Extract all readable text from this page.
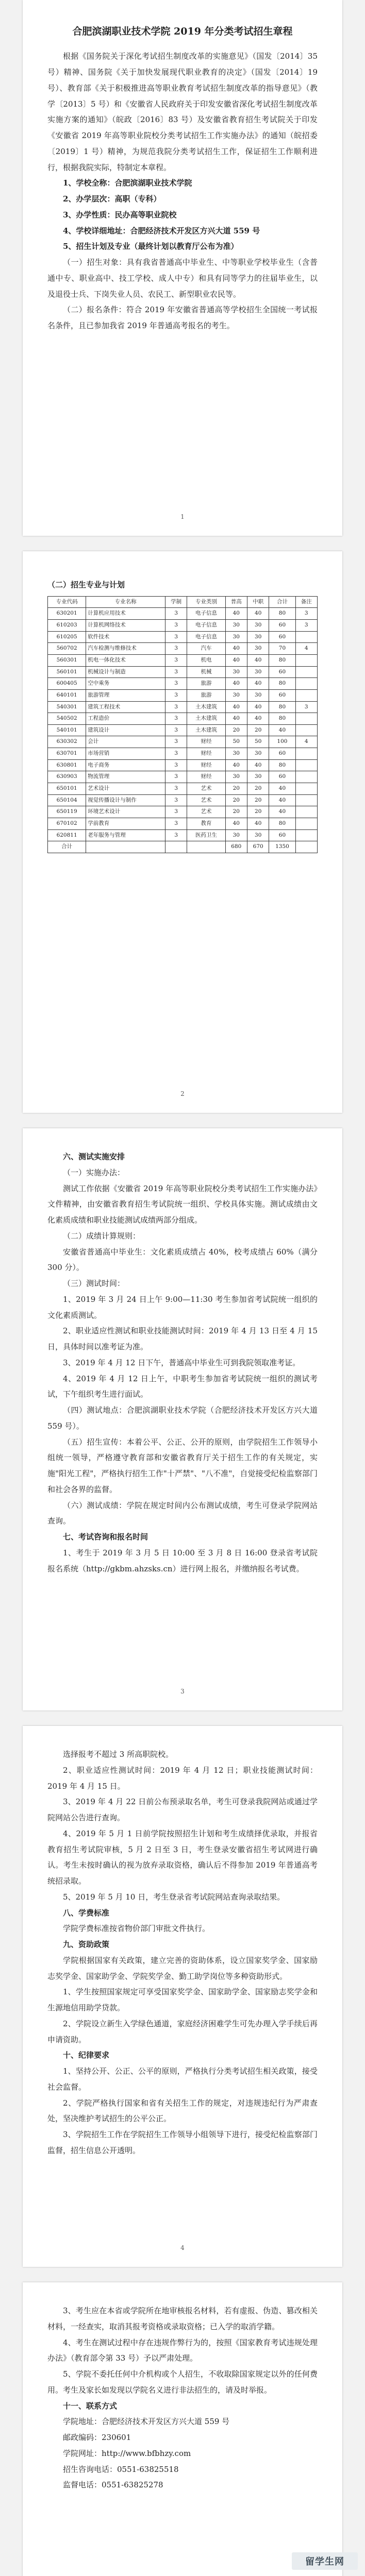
合肥滨湖职业技术学院 2019 年分类考试招生章程

根据《国务院关于深化考试招生制度改革的实施意见》（国发〔2014〕35 号）精神、国务院《关于加快发展现代职业教育的决定》（国发〔2014〕19 号）、教育部《关于积极推进高等职业教育考试招生制度改革的指导意见》（教学〔2013〕5 号）和《安徽省人民政府关于印发安徽省深化考试招生制度改革实施方案的通知》（皖政〔2016〕83 号）及安徽省教育招生考试院关于印发《安徽省 2019 年高等职业院校分类考试招生工作实施办法》的通知（皖招委〔2019〕1 号）精神，为规范我院分类考试招生工作，保证招生工作顺利进行，根据我院实际，特制定本章程。

1、学校全称：合肥滨湖职业技术学院

2、办学层次：高职（专科）

3、办学性质：民办高等职业院校

4、学校详细地址：合肥经济技术开发区方兴大道 559 号

5、招生计划及专业（最终计划以教育厅公布为准）

（一）招生对象：具有我省普通高中毕业生、中等职业学校毕业生（含普通中专、职业高中、技工学校、成人中专）和具有同等学力的往届毕业生，以及退役士兵、下岗失业人员、农民工、新型职业农民等。

（二）报名条件：符合 2019 年安徽省普通高等学校招生全国统一考试报名条件，且已参加我省 2019 年普通高考报名的考生。

1

（二）招生专业与计划

专业代码	专业名称	学制	专业类别	普高	中职	合计	备注
630201	计算机应用技术	3	电子信息	40	40	80	3
610203	计算机网络技术	3	电子信息	30	30	60	3
610205	软件技术	3	电子信息	30	30	60	
560702	汽车检测与维修技术	3	汽车	40	30	70	4
560301	机电一体化技术	3	机电	40	40	80	
560101	机械设计与制造	3	机械	30	30	60	
600405	空中乘务	3	旅游	40	40	80	
640101	旅游管理	3	旅游	30	30	60	
540301	建筑工程技术	3	土木建筑	40	40	80	3
540502	工程造价	3	土木建筑	40	40	80	
540101	建筑设计	3	土木建筑	20	20	40	
630302	会计	3	财经	50	50	100	4
630701	市场营销	3	财经	30	30	60	
630801	电子商务	3	财经	40	40	80	
630903	物流管理	3	财经	30	30	60	
650101	艺术设计	3	艺术	20	20	40	
650104	视觉传播设计与制作	3	艺术	20	20	40	
650119	环境艺术设计	3	艺术	20	20	40	
670102	学前教育	3	教育	40	40	80	
620811	老年服务与管理	3	医药卫生	30	30	60	
合计				680	670	1350	
2

六、测试实施安排

（一）实施办法：

测试工作依据《安徽省 2019 年高等职业院校分类考试招生工作实施办法》文件精神，由安徽省教育招生考试院统一组织、学校具体实施。测试成绩由文化素质成绩和职业技能测试成绩两部分组成。

（二）成绩计算规则：

安徽省普通高中毕业生：文化素质成绩占 40%，校考成绩占 60%（满分 300 分）。

（三）测试时间：

1、2019 年 3 月 24 日上午 9:00—11:30 考生参加省考试院统一组织的文化素质测试。

2、职业适应性测试和职业技能测试时间：2019 年 4 月 13 日至 4 月 15 日，具体时间以准考证为准。

3、2019 年 4 月 12 日下午，普通高中毕业生可到我院领取准考证。

4、2019 年 4 月 12 日上午，中职考生参加省考试院统一组织的测试考试，下午组织考生进行面试。

（四）测试地点：合肥滨湖职业技术学院（合肥经济技术开发区方兴大道 559 号）。

（五）招生宣传：本着公平、公正、公开的原则，由学院招生工作领导小组统一领导，严格遵守教育部和安徽省教育厅关于招生工作的有关规定，实施"阳光工程"，严格执行招生工作"十严禁"、"八不准"，自觉接受纪检监察部门和社会各界的监督。

（六）测试成绩：学院在规定时间内公布测试成绩，考生可登录学院网站查询。

七、考试咨询和报名时间

1、考生于 2019 年 3 月 5 日 10:00 至 3 月 8 日 16:00 登录省考试院报名系统（http://gkbm.ahzsks.cn）进行网上报名，并缴纳报名考试费。

3

选择报考不超过 3 所高职院校。

2、职业适应性测试时间：2019 年 4 月 12 日；职业技能测试时间：2019 年 4 月 15 日。

3、2019 年 4 月 22 日前公布预录取名单，考生可登录我院网站或通过学院网站公告进行查询。

4、2019 年 5 月 1 日前学院按照招生计划和考生成绩择优录取，并报省教育招生考试院审核，5 月 2 日至 3 日，考生登录安徽省招生考试网进行确认。考生未按时确认的视为放弃录取资格，确认后不得参加 2019 年普通高考统招录取。

5、2019 年 5 月 10 日，考生登录省考试院网站查询录取结果。

八、学费标准

学院学费标准按省物价部门审批文件执行。

九、资助政策

学院根据国家有关政策，建立完善的资助体系，设立国家奖学金、国家励志奖学金、国家助学金、学院奖学金、勤工助学岗位等多种资助形式。

1、学生按照国家规定可享受国家奖学金、国家助学金、国家励志奖学金和生源地信用助学贷款。

2、学院设立新生入学绿色通道，家庭经济困难学生可先办理入学手续后再申请资助。

十、纪律要求

1、坚持公开、公正、公平的原则，严格执行分类考试招生相关政策，接受社会监督。

2、学院严格执行国家和省有关招生工作的规定，对违规违纪行为严肃查处，坚决维护考试招生的公平公正。

3、学院招生工作在学院招生工作领导小组领导下进行，接受纪检监察部门监督，招生信息公开透明。

4

3、考生应在本省或学院所在地审核报名材料，若有虚报、伪造、篡改相关材料，一经查实，取消其报考资格或录取资格；已入学的取消学籍。

4、考生在测试过程中存在违规作弊行为的，按照《国家教育考试违规处理办法》（教育部令第 33 号）予以严肃处理。

5、学院不委托任何中介机构或个人招生，不收取除国家规定以外的任何费用。考生及家长如发现以学院名义进行非法招生的，请及时举报。

十一、联系方式

学院地址：合肥经济技术开发区方兴大道 559 号

邮政编码：230601

学院网址：http://www.bfbhzy.com

招生咨询电话：0551-63825518

监督电话：0551-63825278

留学生网
